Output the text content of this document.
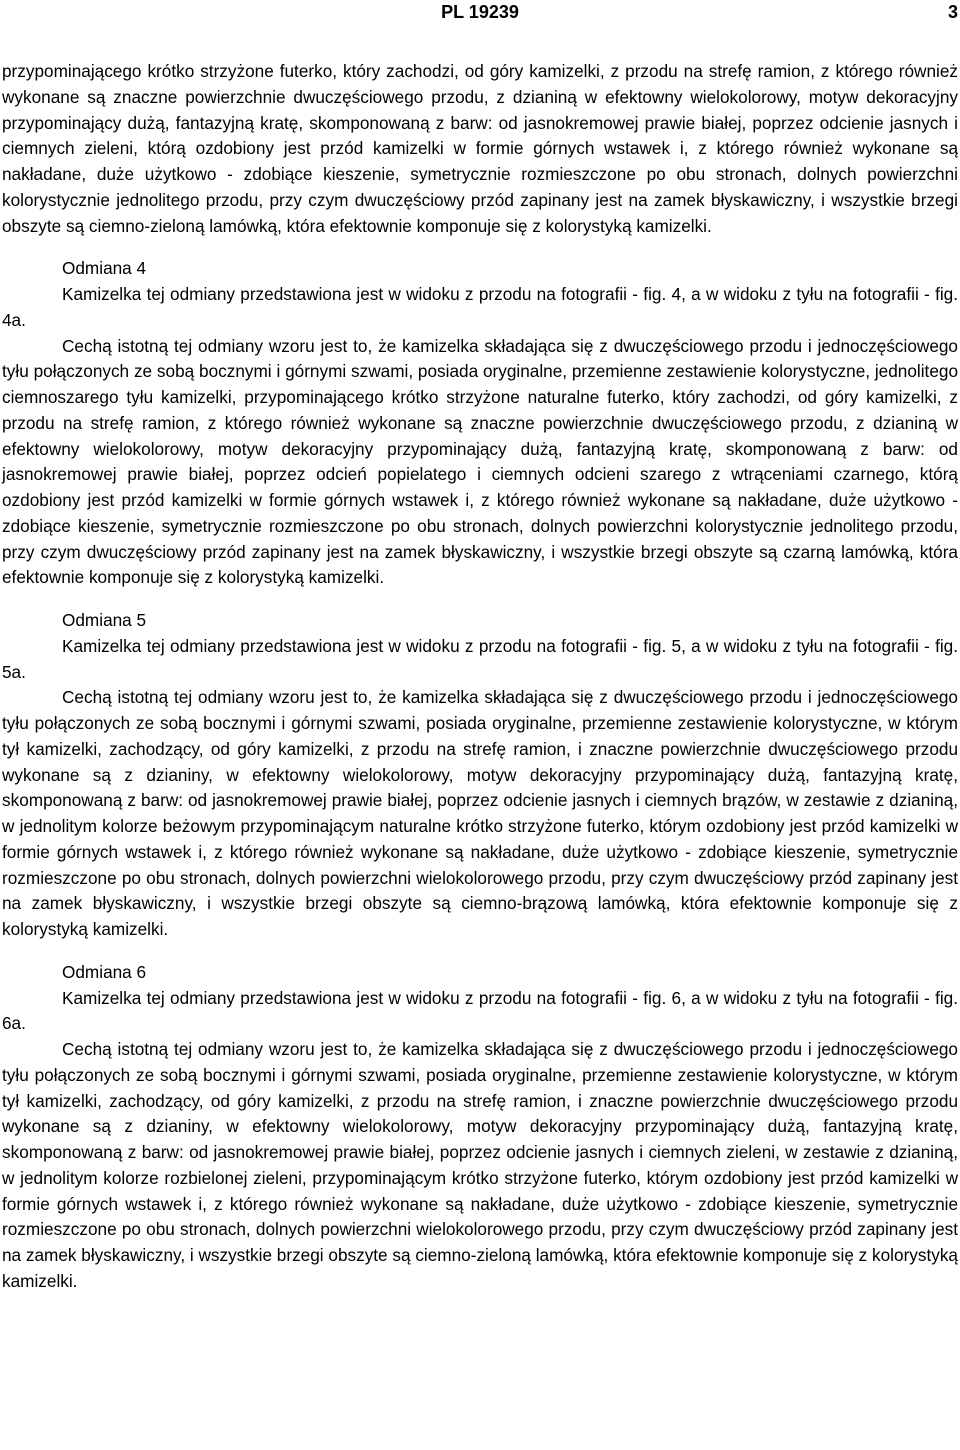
PL 19239	3

przypominającego krótko strzyżone futerko, który zachodzi, od góry kamizelki, z przodu na strefę ramion, z którego również wykonane są znaczne powierzchnie dwuczęściowego przodu, z dzianiną w efektowny wielokolorowy, motyw dekoracyjny przypominający dużą, fantazyjną kratę, skomponowaną z barw: od jasnokremowej prawie białej, poprzez odcienie jasnych i ciemnych zieleni, którą ozdobiony jest przód kamizelki w formie górnych wstawek i, z którego również wykonane są nakładane, duże użytkowo - zdobiące kieszenie, symetrycznie rozmieszczone po obu stronach, dolnych powierzchni kolorystycznie jednolitego przodu, przy czym dwuczęściowy przód zapinany jest na zamek błyskawiczny, i wszystkie brzegi obszyte są ciemno-zieloną lamówką, która efektownie komponuje się z kolorystyką kamizelki.

Odmiana 4

Kamizelka tej odmiany przedstawiona jest w widoku z przodu na fotografii - fig. 4, a w widoku z tyłu na fotografii - fig. 4a.

Cechą istotną tej odmiany wzoru jest to, że kamizelka składająca się z dwuczęściowego przodu i jednoczęściowego tyłu połączonych ze sobą bocznymi i górnymi szwami, posiada oryginalne, przemienne zestawienie kolorystyczne, jednolitego ciemnoszarego tyłu kamizelki, przypominającego krótko strzyżone naturalne futerko, który zachodzi, od góry kamizelki, z przodu na strefę ramion, z którego również wykonane są znaczne powierzchnie dwuczęściowego przodu, z dzianiną w efektowny wielokolorowy, motyw dekoracyjny przypominający dużą, fantazyjną kratę, skomponowaną z barw: od jasnokremowej prawie białej, poprzez odcień popielatego i ciemnych odcieni szarego z wtrąceniami czarnego, którą ozdobiony jest przód kamizelki w formie górnych wstawek i, z którego również wykonane są nakładane, duże użytkowo - zdobiące kieszenie, symetrycznie rozmieszczone po obu stronach, dolnych powierzchni kolorystycznie jednolitego przodu, przy czym dwuczęściowy przód zapinany jest na zamek błyskawiczny, i wszystkie brzegi obszyte są czarną lamówką, która efektownie komponuje się z kolorystyką kamizelki.

Odmiana 5

Kamizelka tej odmiany przedstawiona jest w widoku z przodu na fotografii - fig. 5, a w widoku z tyłu na fotografii - fig. 5a.

Cechą istotną tej odmiany wzoru jest to, że kamizelka składająca się z dwuczęściowego przodu i jednoczęściowego tyłu połączonych ze sobą bocznymi i górnymi szwami, posiada oryginalne, przemienne zestawienie kolorystyczne, w którym tył kamizelki, zachodzący, od góry kamizelki, z przodu na strefę ramion, i znaczne powierzchnie dwuczęściowego przodu wykonane są z dzianiny, w efektowny wielokolorowy, motyw dekoracyjny przypominający dużą, fantazyjną kratę, skomponowaną z barw: od jasnokremowej prawie białej, poprzez odcienie jasnych i ciemnych brązów, w zestawie z dzianiną, w jednolitym kolorze beżowym przypominającym naturalne krótko strzyżone futerko, którym ozdobiony jest przód kamizelki w formie górnych wstawek i, z którego również wykonane są nakładane, duże użytkowo - zdobiące kieszenie, symetrycznie rozmieszczone po obu stronach, dolnych powierzchni wielokolorowego przodu, przy czym dwuczęściowy przód zapinany jest na zamek błyskawiczny, i wszystkie brzegi obszyte są ciemno-brązową lamówką, która efektownie komponuje się z kolorystyką kamizelki.

Odmiana 6

Kamizelka tej odmiany przedstawiona jest w widoku z przodu na fotografii - fig. 6, a w widoku z tyłu na fotografii - fig. 6a.

Cechą istotną tej odmiany wzoru jest to, że kamizelka składająca się z dwuczęściowego przodu i jednoczęściowego tyłu połączonych ze sobą bocznymi i górnymi szwami, posiada oryginalne, przemienne zestawienie kolorystyczne, w którym tył kamizelki, zachodzący, od góry kamizelki, z przodu na strefę ramion, i znaczne powierzchnie dwuczęściowego przodu wykonane są z dzianiny, w efektowny wielokolorowy, motyw dekoracyjny przypominający dużą, fantazyjną kratę, skomponowaną z barw: od jasnokremowej prawie białej, poprzez odcienie jasnych i ciemnych zieleni, w zestawie z dzianiną, w jednolitym kolorze rozbielonej zieleni, przypominającym krótko strzyżone futerko, którym ozdobiony jest przód kamizelki w formie górnych wstawek i, z którego również wykonane są nakładane, duże użytkowo - zdobiące kieszenie, symetrycznie rozmieszczone po obu stronach, dolnych powierzchni wielokolorowego przodu, przy czym dwuczęściowy przód zapinany jest na zamek błyskawiczny, i wszystkie brzegi obszyte są ciemno-zieloną lamówką, która efektownie komponuje się z kolorystyką kamizelki.
